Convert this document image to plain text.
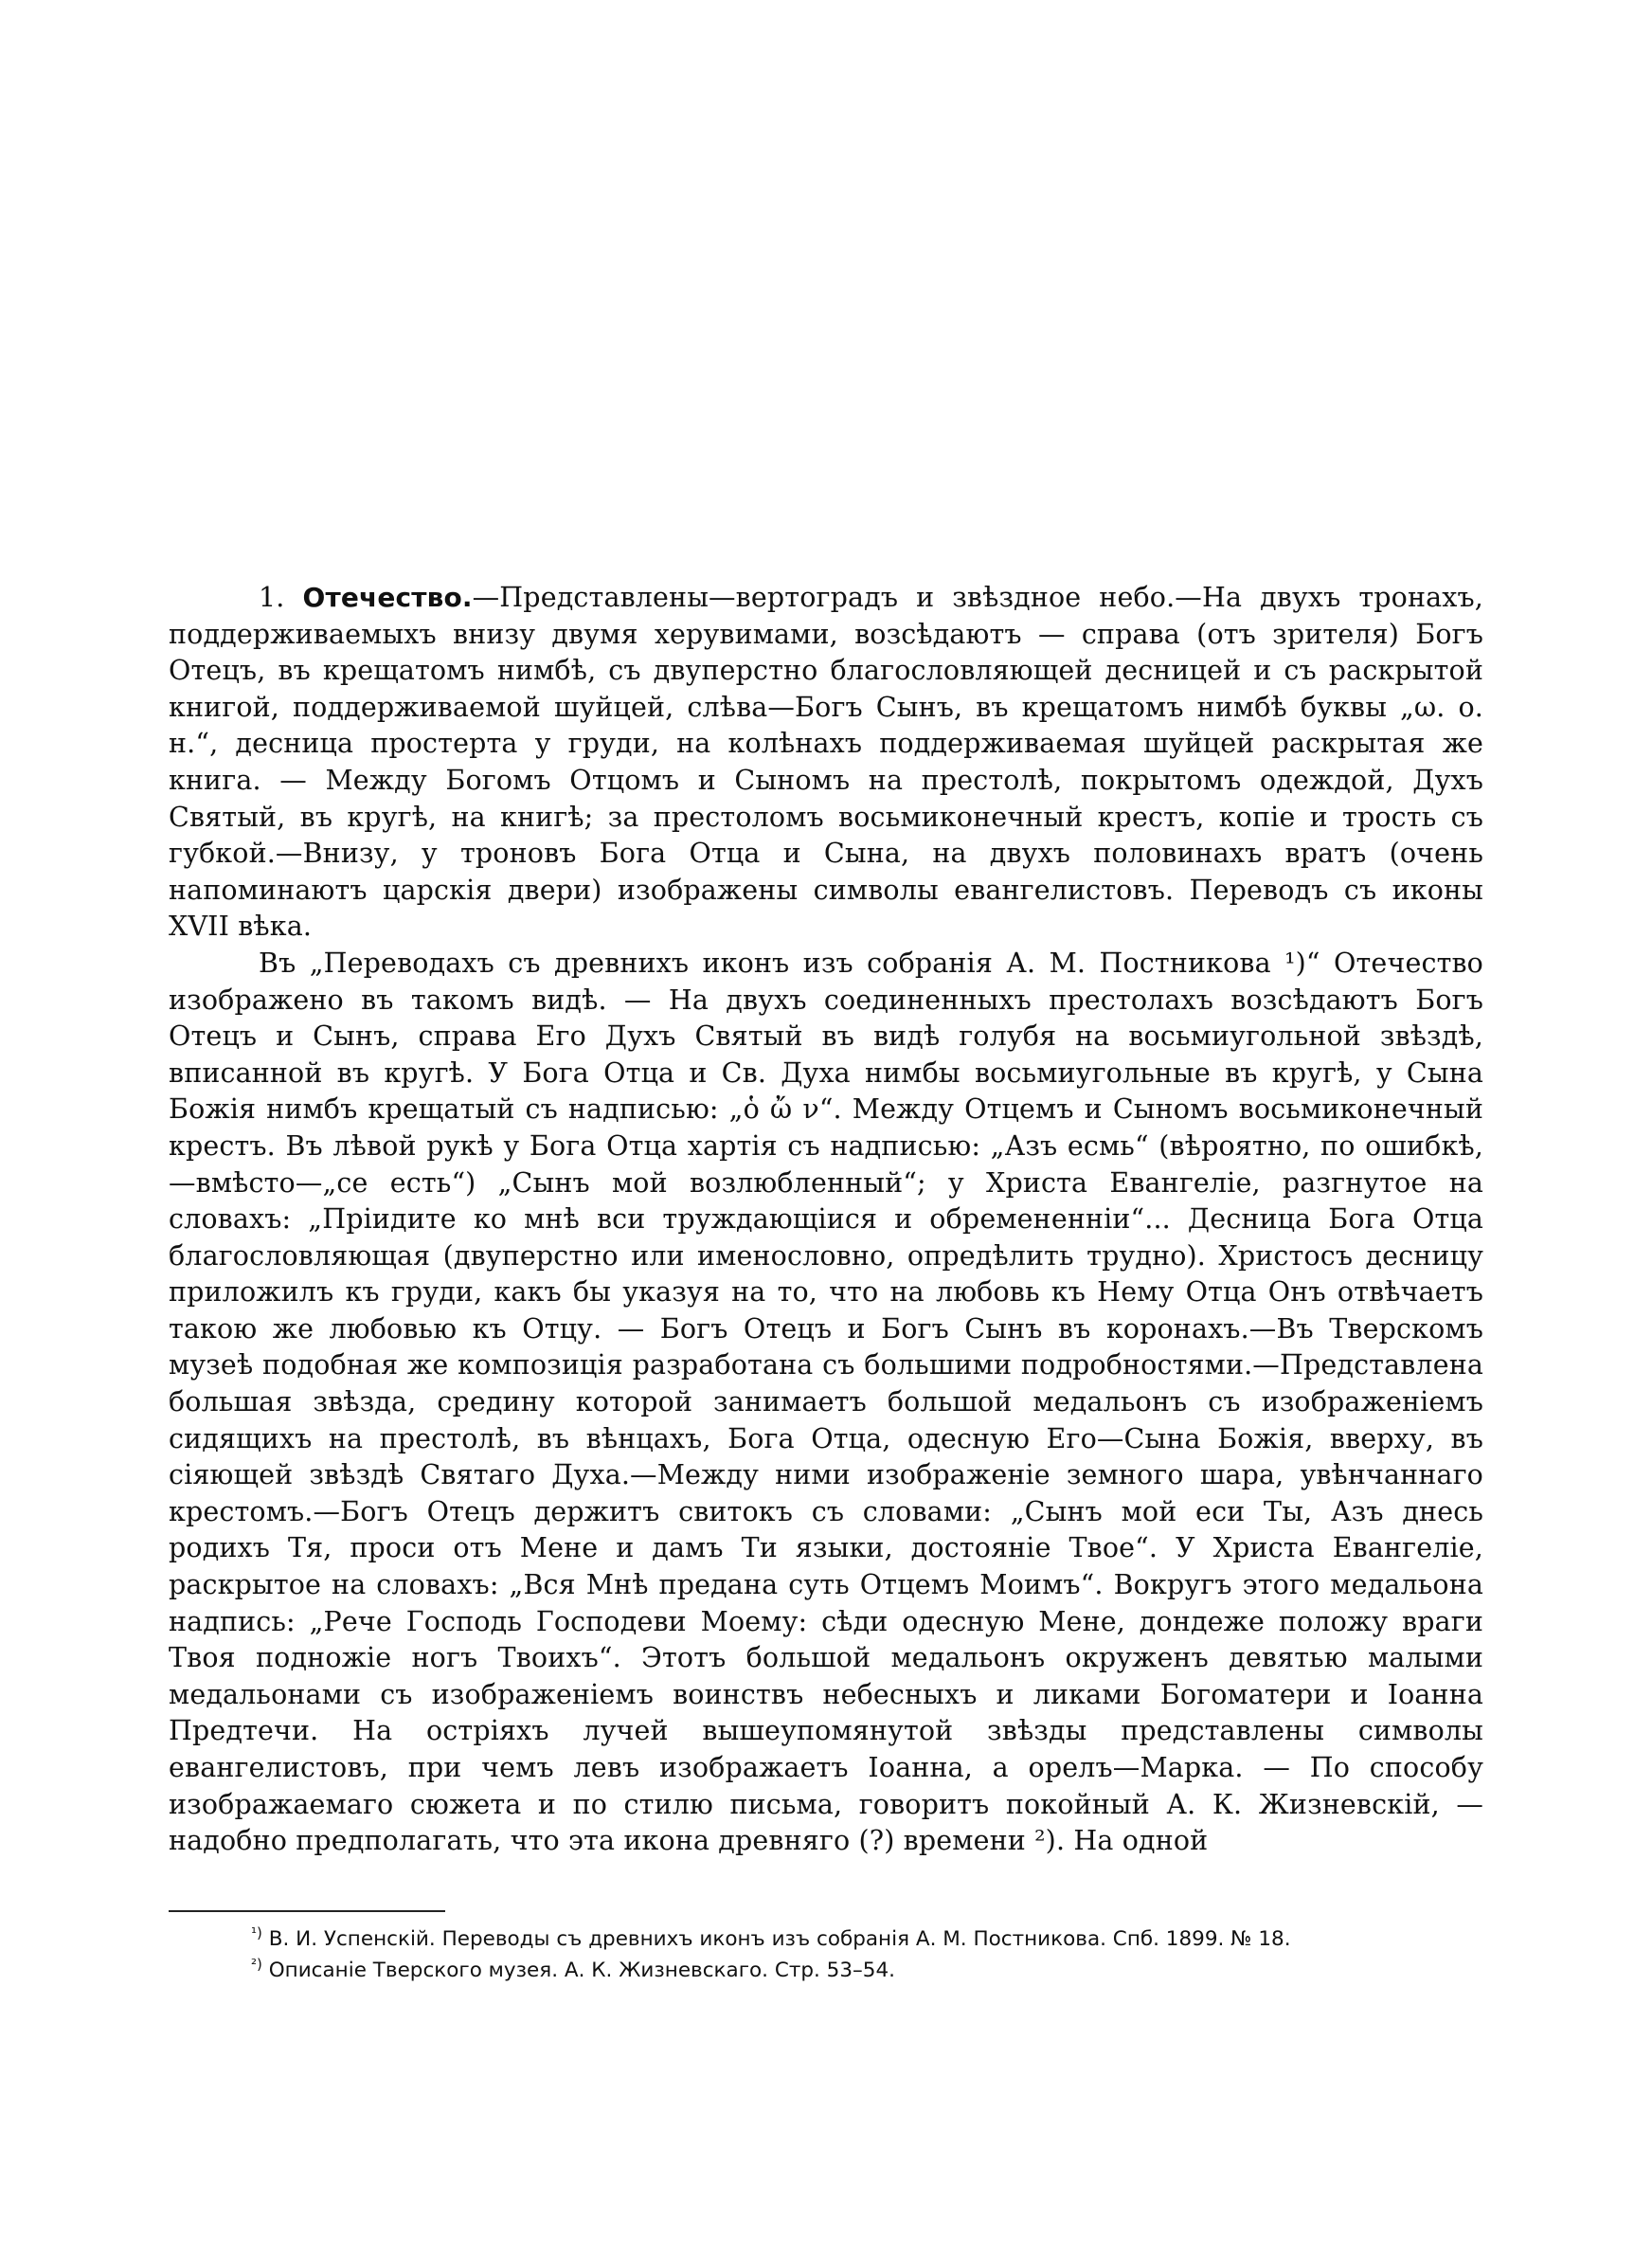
1. Отечество.—Представлены—вертоградъ и звѣздное небо.—На двухъ тронахъ, поддерживаемыхъ внизу двумя херувимами, возсѣдаютъ — справа (отъ зрителя) Богъ Отецъ, въ крещатомъ нимбѣ, съ двуперстно благословляющей десницей и съ раскрытой книгой, поддерживаемой шуйцей, слѣва—Богъ Сынъ, въ крещатомъ нимбѣ буквы „ω. о. н.“, десница простерта у груди, на колѣнахъ поддерживаемая шуйцей раскрытая же книга. — Между Богомъ Отцомъ и Сыномъ на престолѣ, покрытомъ одеждой, Духъ Святый, въ кругѣ, на книгѣ; за престоломъ восьмиконечный крестъ, копіе и трость съ губкой.—Внизу, у троновъ Бога Отца и Сына, на двухъ половинахъ вратъ (очень напоминаютъ царскія двери) изображены символы евангелистовъ. Переводъ съ иконы XVII вѣка.

Въ „Переводахъ съ древнихъ иконъ изъ собранія А. М. Постникова ¹)“ Отечество изображено въ такомъ видѣ. — На двухъ соединенныхъ престолахъ возсѣдаютъ Богъ Отецъ и Сынъ, справа Его Духъ Святый въ видѣ голубя на восьмиугольной звѣздѣ, вписанной въ кругѣ. У Бога Отца и Св. Духа нимбы восьмиугольные въ кругѣ, у Сына Божія нимбъ крещатый съ надписью: „ὁ ὤ ν“. Между Отцемъ и Сыномъ восьмиконечный крестъ. Въ лѣвой рукѣ у Бога Отца хартія съ надписью: „Азъ есмь“ (вѣроятно, по ошибкѣ,—вмѣсто—„се есть“) „Сынъ мой возлюбленный“; у Христа Евангеліе, разгнутое на словахъ: „Пріидите ко мнѣ вси труждающiися и обремененнiи“... Десница Бога Отца благословляющая (двуперстно или именословно, опредѣлить трудно). Христосъ десницу приложилъ къ груди, какъ бы указуя на то, что на любовь къ Нему Отца Онъ отвѣчаетъ такою же любовью къ Отцу. — Богъ Отецъ и Богъ Сынъ въ коронахъ.—Въ Тверскомъ музеѣ подобная же композиція разработана съ большими подробностями.—Представлена большая звѣзда, средину которой занимаетъ большой медальонъ съ изображеніемъ сидящихъ на престолѣ, въ вѣнцахъ, Бога Отца, одесную Его—Сына Божія, вверху, въ сіяющей звѣздѣ Святаго Духа.—Между ними изображеніе земного шара, увѣнчаннаго крестомъ.—Богъ Отецъ держитъ свитокъ съ словами: „Сынъ мой еси Ты, Азъ днесь родихъ Тя, проси отъ Мене и дамъ Ти языки, достояніе Твое“. У Христа Евангеліе, раскрытое на словахъ: „Вся Мнѣ предана суть Отцемъ Моимъ“. Вокругъ этого медальона надпись: „Рече Господь Господеви Моему: сѣди одесную Мене, дондеже положу враги Твоя подножіе ногъ Твоихъ“. Этотъ большой медальонъ окруженъ девятью малыми медальонами съ изображеніемъ воинствъ небесныхъ и ликами Богоматери и Іоанна Предтечи. На остріяхъ лучей вышеупомянутой звѣзды представлены символы евангелистовъ, при чемъ левъ изображаетъ Іоанна, а орелъ—Марка. — По способу изображаемаго сюжета и по стилю письма, говоритъ покойный А. К. Жизневскій, — надобно предполагать, что эта икона древняго (?) времени ²). На одной

$^{^1)}$ В. И. Успенскій. Переводы съ древнихъ иконъ изъ собранія А. М. Постникова. Спб. 1899. № 18.

$^{^2)}$ Описаніе Тверского музея. А. К. Жизневскаго. Стр. 53–54.
